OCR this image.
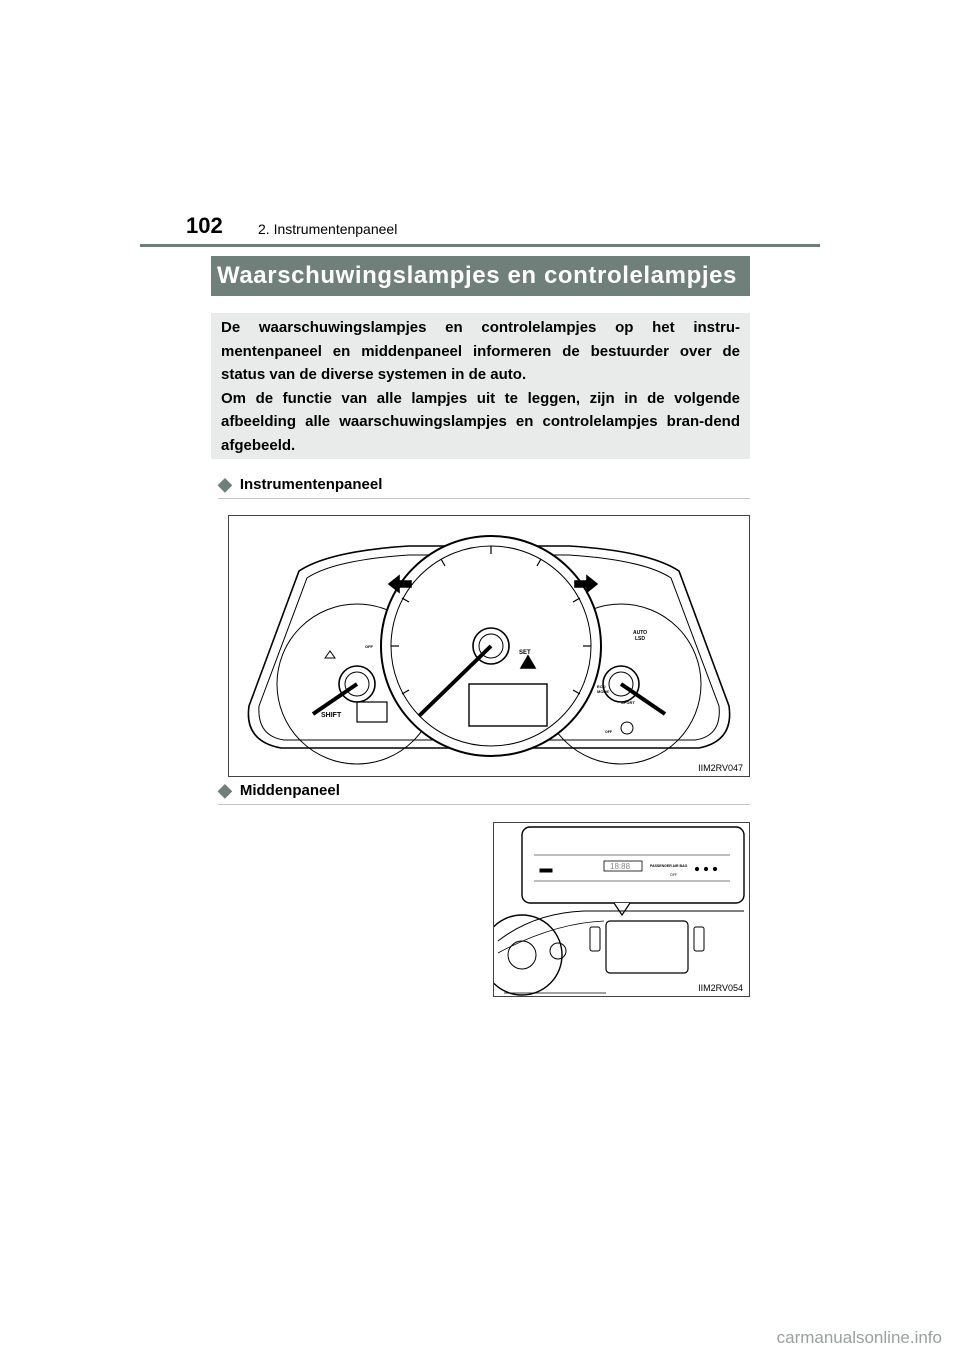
102	2. Instrumentenpaneel
Waarschuwingslampjes en controlelampjes

De waarschuwingslampjes en controlelampjes op het instru-mentenpaneel en middenpaneel informeren de bestuurder over de status van de diverse systemen in de auto.

Om de functie van alle lampjes uit te leggen, zijn in de volgende afbeelding alle waarschuwingslampjes en controlelampjes bran-dend afgebeeld.

◆ Instrumentenpaneel
SHIFT
SET
OFF
AUTO
LSD
ECO
MODE
SPORT
OFF
IIM2RV047
◆ Middenpaneel
PASSENGER AIR BAG
18:88
OFF
IIM2RV054
carmanualsonline.info
